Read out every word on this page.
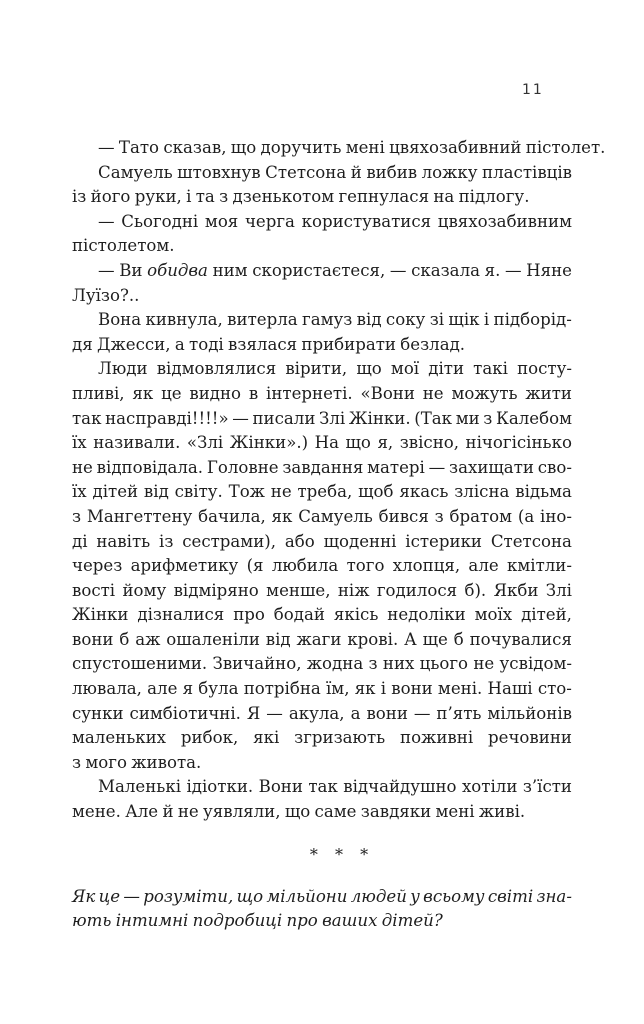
11
— Тато сказав, що доручить мені цвяхозабивний пістолет.
Самуель штовхнув Стетсона й вибив ложку пластівців
із його руки, і та з дзенькотом гепнулася на підлогу.
— Сьогодні моя черга користуватися цвяхозабивним
пістолетом.
— Ви обидва ним скористаєтеся, — сказала я. — Няне
Луїзо?..
Вона кивнула, витерла гамуз від соку зі щік і підборід-
дя Джесси, а тоді взялася прибирати безлад.
Люди відмовлялися вірити, що мої діти такі посту-
пливі, як це видно в інтернеті. «Вони не можуть жити
так насправді!!!!» — писали Злі Жінки. (Так ми з Калебом
їх називали. «Злі Жінки».) На що я, звісно, нічогісінько
не відповідала. Головне завдання матері — захищати сво-
їх дітей від світу. Тож не треба, щоб якась злісна відьма
з Мангеттену бачила, як Самуель бився з братом (а іно-
ді навіть із сестрами), або щоденні істерики Стетсона
через арифметику (я любила того хлопця, але кмітли-
вості йому відміряно менше, ніж годилося б). Якби Злі
Жінки дізналися про бодай якісь недоліки моїх дітей,
вони б аж ошаленіли від жаги крові. А ще б почувалися
спустошеними. Звичайно, жодна з них цього не усвідом-
лювала, але я була потрібна їм, як і вони мені. Наші сто-
сунки симбіотичні. Я — акула, а вони — п’ять мільйонів
маленьких рибок, які згризають поживні речовини
з мого живота.
Маленькі ідіотки. Вони так відчайдушно хотіли з’їсти
мене. Але й не уявляли, що саме завдяки мені живі.
* * *
Як це — розуміти, що мільйони людей у всьому світі зна-
ють інтимні подробиці про ваших дітей?
